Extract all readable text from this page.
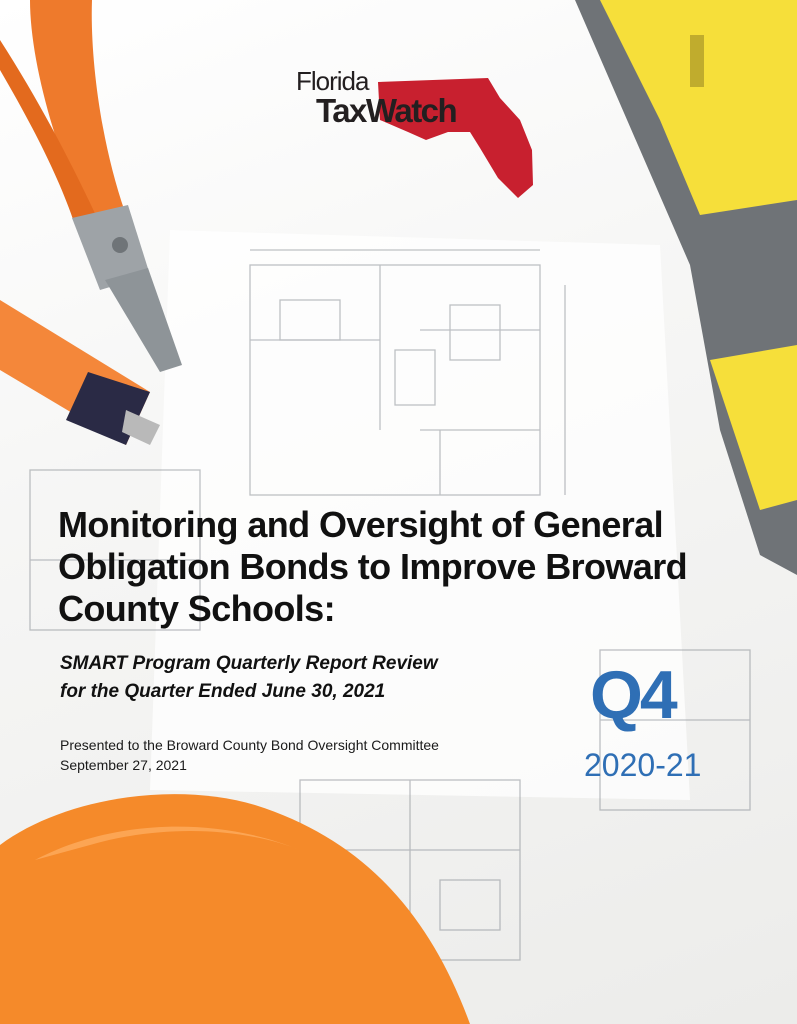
Florida
TaxWatch
Monitoring and Oversight of General Obligation Bonds to Improve Broward County Schools:
SMART Program Quarterly Report Review
for the Quarter Ended June 30, 2021
Presented to the Broward County Bond Oversight Committee
September 27, 2021
Q4
2020-21
